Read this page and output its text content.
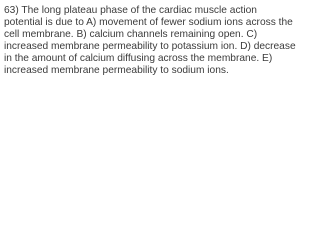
63) The long plateau phase of the cardiac muscle action
potential is due to A) movement of fewer sodium ions across the
cell membrane. B) calcium channels remaining open. C)
increased membrane permeability to potassium ion. D) decrease
in the amount of calcium diffusing across the membrane. E)
increased membrane permeability to sodium ions.
